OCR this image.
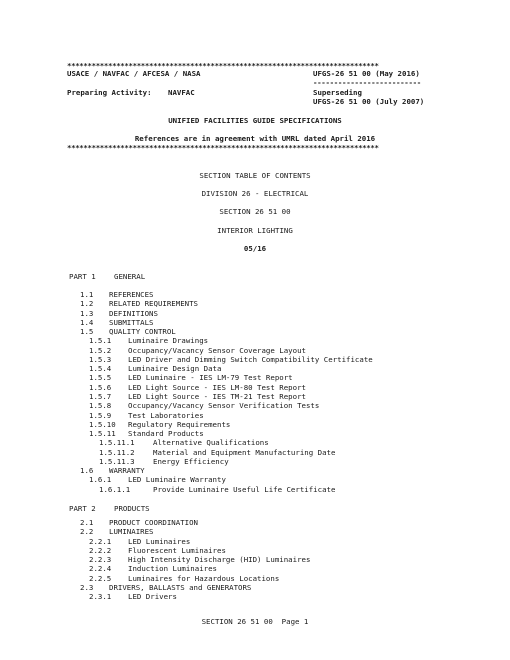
****************************************************************************
USACE / NAVFAC / AFCESA / NASA	UFGS-26 51 00 (May 2016)
--------------------------
Preparing Activity: NAVFAC	Superseding
UFGS-26 51 00 (July 2007)
UNIFIED FACILITIES GUIDE SPECIFICATIONS
References are in agreement with UMRL dated April 2016
****************************************************************************
SECTION TABLE OF CONTENTS
DIVISION 26 - ELECTRICAL
SECTION 26 51 00
INTERIOR LIGHTING
05/16
PART 1 GENERAL
1.1 REFERENCES
1.2 RELATED REQUIREMENTS
1.3 DEFINITIONS
1.4 SUBMITTALS
1.5 QUALITY CONTROL
1.5.1 Luminaire Drawings
1.5.2 Occupancy/Vacancy Sensor Coverage Layout
1.5.3 LED Driver and Dimming Switch Compatibility Certificate
1.5.4 Luminaire Design Data
1.5.5 LED Luminaire - IES LM-79 Test Report
1.5.6 LED Light Source - IES LM-80 Test Report
1.5.7 LED Light Source - IES TM-21 Test Report
1.5.8 Occupancy/Vacancy Sensor Verification Tests
1.5.9 Test Laboratories
1.5.10 Regulatory Requirements
1.5.11 Standard Products
1.5.11.1 Alternative Qualifications
1.5.11.2 Material and Equipment Manufacturing Date
1.5.11.3 Energy Efficiency
1.6 WARRANTY
1.6.1 LED Luminaire Warranty
1.6.1.1	Provide Luminaire Useful Life Certificate
PART 2 PRODUCTS
2.1 PRODUCT COORDINATION
2.2 LUMINAIRES
2.2.1 LED Luminaires
2.2.2 Fluorescent Luminaires
2.2.3 High Intensity Discharge (HID) Luminaires
2.2.4 Induction Luminaires
2.2.5 Luminaires for Hazardous Locations
2.3 DRIVERS, BALLASTS and GENERATORS
2.3.1 LED Drivers
SECTION 26 51 00  Page 1
